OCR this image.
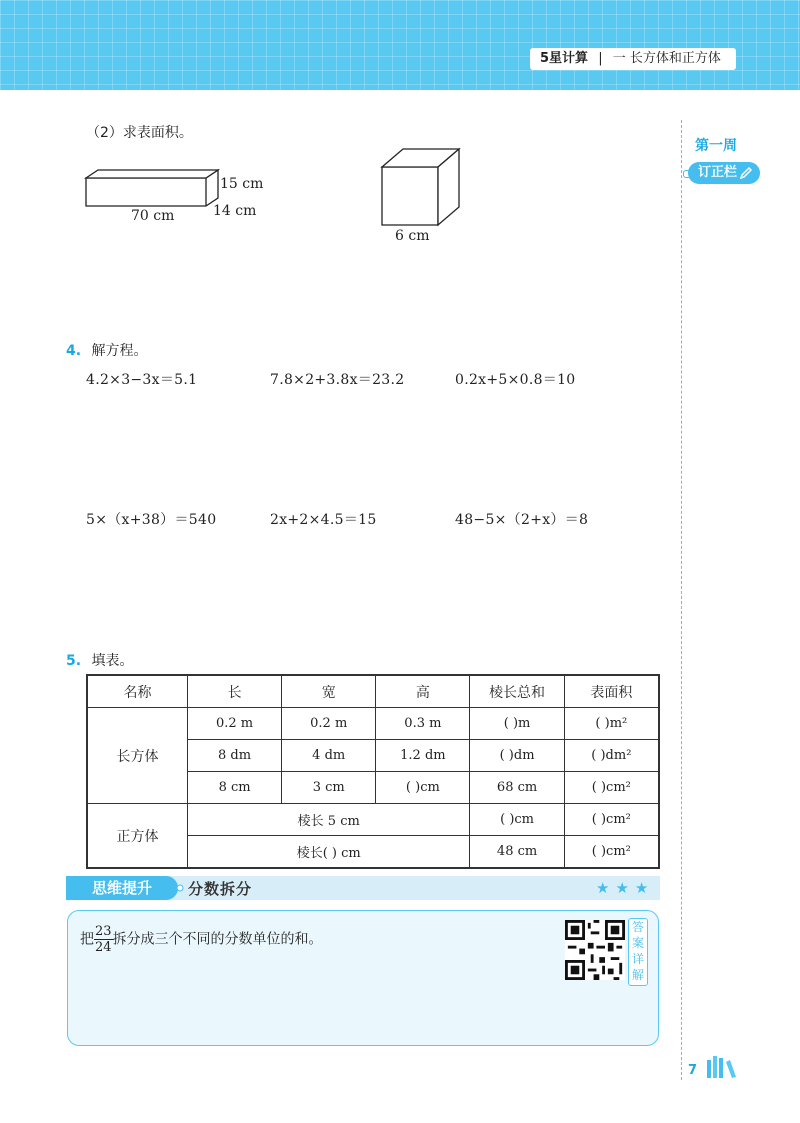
5星计算 | 一 长方体和正方体
第一周
订正栏
（2）求表面积。
15 cm
14 cm
70 cm
6 cm
4. 解方程。
4.2×3−3x＝5.1	7.8×2+3.8x＝23.2	0.2x+5×0.8＝10
5×（x+38）＝540	2x+2×4.5＝15	48−5×（2+x）＝8
5. 填表。
名称	长	宽	高	棱长总和	表面积
长方体	0.2 m	0.2 m	0.3 m	( )m	( )m²
	8 dm	4 dm	1.2 dm	( )dm	( )dm²
	8 cm	3 cm	( )cm	68 cm	( )cm²
正方体	棱长 5 cm			( )cm	( )cm²
	棱长( ) cm			48 cm	( )cm²
思维提升	分数拆分	★★★
把 $\frac{23}{24}$ 拆分成三个不同的分数单位的和。
答案详解
7
